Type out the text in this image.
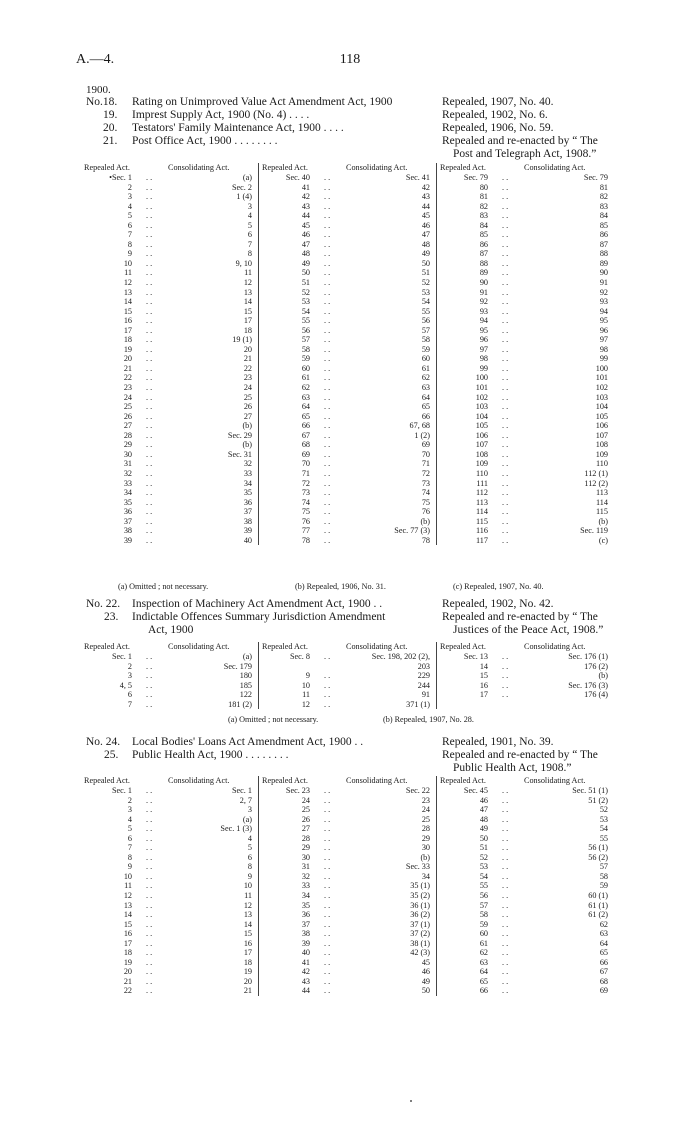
A.—4.	118
1900.
No.18. Rating on Unimproved Value Act Amendment Act, 1900	Repealed, 1907, No. 40.
19. Imprest Supply Act, 1900 (No. 4) . . . .	Repealed, 1902, No. 6.
20. Testators' Family Maintenance Act, 1900 . . . .	Repealed, 1906, No. 59.
21. Post Office Act, 1900 . . . . . . . .	Repealed and re-enacted by “ The
Post and Telegraph Act, 1908.”
Repealed Act.	Consolidating Act.
•Sec. 1 . .	(a)
2 . .	Sec. 2
3 . .	1 (4)
4 . .	3
5 . .	4
6 . .	5
7 . .	6
8 . .	7
9 . .	8
10 . .	9, 10
11 . .	11
12 . .	12
13 . .	13
14 . .	14
15 . .	15
16 . .	17
17 . .	18
18 . .	19 (1)
19 . .	20
20 . .	21
21 . .	22
22 . .	23
23 . .	24
24 . .	25
25 . .	26
26 . .	27
27 . .	(b)
28 . .	Sec. 29
29 . .	(b)
30 . .	Sec. 31
31 . .	32
32 . .	33
33 . .	34
34 . .	35
35 . .	36
36 . .	37
37 . .	38
38 . .	39
39 . .	40
Repealed Act.	Consolidating Act.
Sec. 40 . .	Sec. 41
41 . .	42
42 . .	43
43 . .	44
44 . .	45
45 . .	46
46 . .	47
47 . .	48
48 . .	49
49 . .	50
50 . .	51
51 . .	52
52 . .	53
53 . .	54
54 . .	55
55 . .	56
56 . .	57
57 . .	58
58 . .	59
59 . .	60
60 . .	61
61 . .	62
62 . .	63
63 . .	64
64 . .	65
65 . .	66
66 . .	67, 68
67 . .	1 (2)
68 . .	69
69 . .	70
70 . .	71
71 . .	72
72 . .	73
73 . .	74
74 . .	75
75 . .	76
76 . .	(b)
77 . .	Sec. 77 (3)
78 . .	78
Repealed Act.	Consolidating Act.
Sec. 79 . .	Sec. 79
80 . .	81
81 . .	82
82 . .	83
83 . .	84
84 . .	85
85 . .	86
86 . .	87
87 . .	88
88 . .	89
89 . .	90
90 . .	91
91 . .	92
92 . .	93
93 . .	94
94 . .	95
95 . .	96
96 . .	97
97 . .	98
98 . .	99
99 . .	100
100 . .	101
101 . .	102
102 . .	103
103 . .	104
104 . .	105
105 . .	106
106 . .	107
107 . .	108
108 . .	109
109 . .	110
110 . .	112 (1)
111 . .	112 (2)
112 . .	113
113 . .	114
114 . .	115
115 . .	(b)
116 . .	Sec. 119
117 . .	(c)
(a) Omitted ; not necessary.	(b) Repealed, 1906, No. 31.	(c) Repealed, 1907, No. 40.
No. 22. Inspection of Machinery Act Amendment Act, 1900 . .	Repealed, 1902, No. 42.
23. Indictable Offences Summary Jurisdiction Amendment	Repealed and re-enacted by “ The
Act, 1900	Justices of the Peace Act, 1908.”
Repealed Act.	Consolidating Act.
Sec. 1 . .	(a)
2 . .	Sec. 179
3 . .	180
4, 5 . .	185
6 . .	122
7 . .	181 (2)
Repealed Act.	Consolidating Act.
Sec. 8 . .	Sec. 198, 202 (2),
203
9 . .	229
10 . .	244
11 . .	91
12 . .	371 (1)
Repealed Act.	Consolidating Act.
Sec. 13 . .	Sec. 176 (1)
14 . .	176 (2)
15 . .	(b)
16 . .	Sec. 176 (3)
17 . .	176 (4)
(a) Omitted ; not necessary.	(b) Repealed, 1907, No. 28.
No. 24. Local Bodies' Loans Act Amendment Act, 1900 . .	Repealed, 1901, No. 39.
25. Public Health Act, 1900 . . . . . . . .	Repealed and re-enacted by “ The
Public Health Act, 1908.”
Repealed Act.	Consolidating Act.
Sec. 1 . .	Sec. 1
2 . .	2, 7
3 . .	3
4 . .	(a)
5 . .	Sec. 1 (3)
6 . .	4
7 . .	5
8 . .	6
9 . .	8
10 . .	9
11 . .	10
12 . .	11
13 . .	12
14 . .	13
15 . .	14
16 . .	15
17 . .	16
18 . .	17
19 . .	18
20 . .	19
21 . .	20
22 . .	21
Repealed Act.	Consolidating Act.
Sec. 23 . .	Sec. 22
24 . .	23
25 . .	24
26 . .	25
27 . .	28
28 . .	29
29 . .	30
30 . .	(b)
31 . .	Sec. 33
32 . .	34
33 . .	35 (1)
34 . .	35 (2)
35 . .	36 (1)
36 . .	36 (2)
37 . .	37 (1)
38 . .	37 (2)
39 . .	38 (1)
40 . .	42 (3)
41 . .	45
42 . .	46
43 . .	49
44 . .	50
Repealed Act.	Consolidating Act.
Sec. 45 . .	Sec. 51 (1)
46 . .	51 (2)
47 . .	52
48 . .	53
49 . .	54
50 . .	55
51 . .	56 (1)
52 . .	56 (2)
53 . .	57
54 . .	58
55 . .	59
56 . .	60 (1)
57 . .	61 (1)
58 . .	61 (2)
59 . .	62
60 . .	63
61 . .	64
62 . .	65
63 . .	66
64 . .	67
65 . .	68
66 . .	69
